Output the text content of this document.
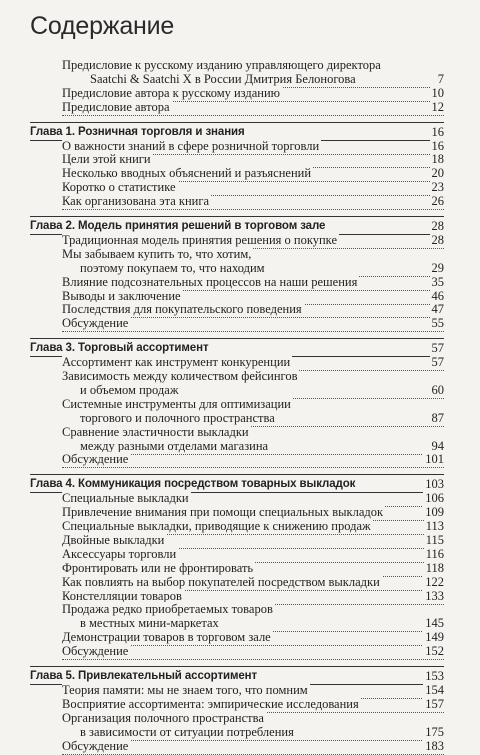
Содержание
Предисловие к русскому изданию управляющего директора
Saatchi & Saatchi X в России Дмитрия Белоногова	7
Предисловие автора к русскому изданию	10
Предисловие автора	12
Глава 1. Розничная торговля и знания	16
О важности знаний в сфере розничной торговли	16
Цели этой книги	18
Несколько вводных объяснений и разъяснений	20
Коротко о статистике	23
Как организована эта книга	26
Глава 2. Модель принятия решений в торговом зале	28
Традиционная модель принятия решения о покупке	28
Мы забываем купить то, что хотим,
поэтому покупаем то, что находим	29
Влияние подсознательных процессов на наши решения	35
Выводы и заключение	46
Последствия для покупательского поведения	47
Обсуждение	55
Глава 3. Торговый ассортимент	57
Ассортимент как инструмент конкуренции	57
Зависимость между количеством фейсингов
и объемом продаж	60
Системные инструменты для оптимизации
торгового и полочного пространства	87
Сравнение эластичности выкладки
между разными отделами магазина	94
Обсуждение	101
Глава 4. Коммуникация посредством товарных выкладок	103
Специальные выкладки	106
Привлечение внимания при помощи специальных выкладок	109
Специальные выкладки, приводящие к снижению продаж	113
Двойные выкладки	115
Аксессуары торговли	116
Фронтировать или не фронтировать	118
Как повлиять на выбор покупателей посредством выкладки	122
Констелляции товаров	133
Продажа редко приобретаемых товаров
в местных мини-маркетах	145
Демонстрации товаров в торговом зале	149
Обсуждение	152
Глава 5. Привлекательный ассортимент	153
Теория памяти: мы не знаем того, что помним	154
Восприятие ассортимента: эмпирические исследования	157
Организация полочного пространства
в зависимости от ситуации потребления	175
Обсуждение	183
